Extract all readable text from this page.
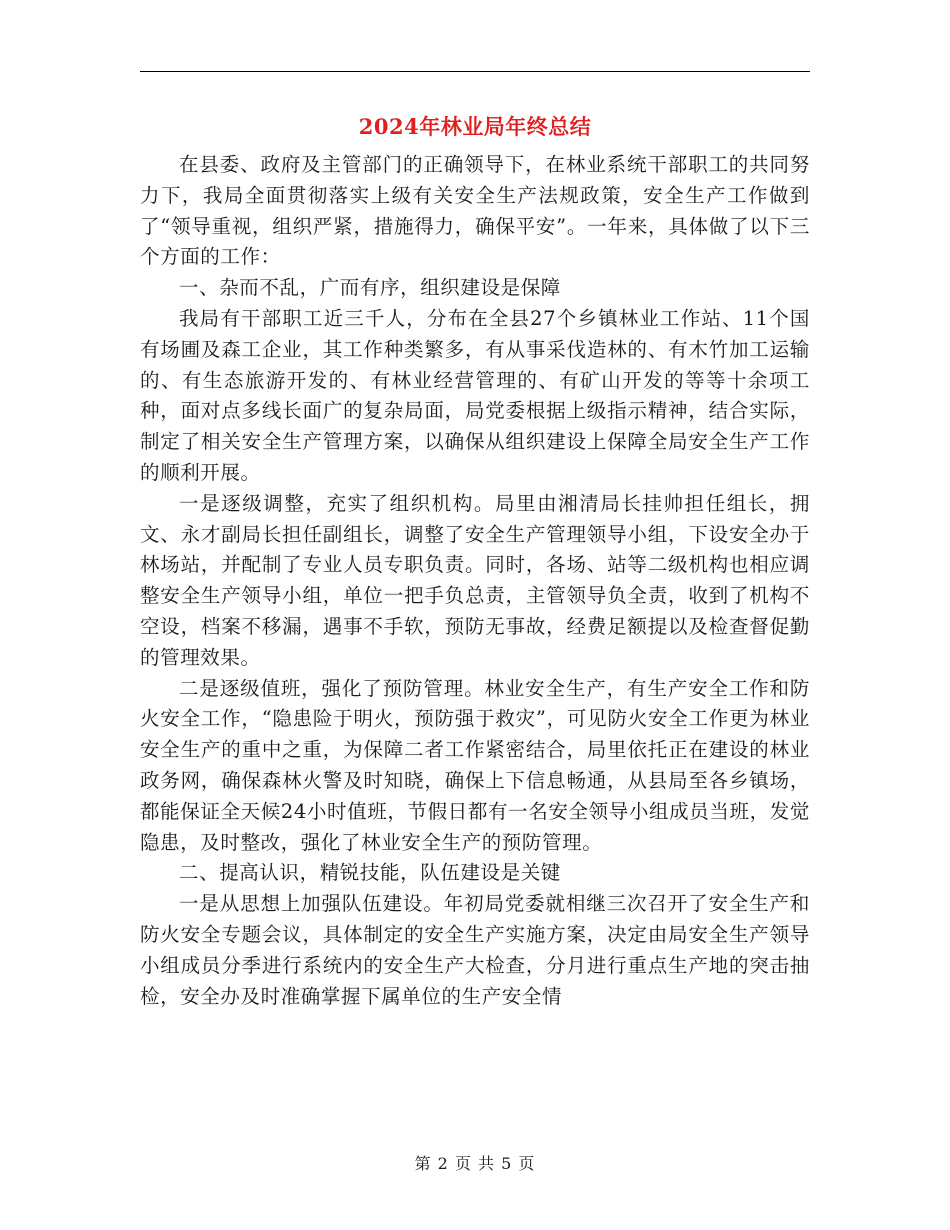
2024年林业局年终总结

在县委、政府及主管部门的正确领导下，在林业系统干部职工的共同努力下，我局全面贯彻落实上级有关安全生产法规政策，安全生产工作做到了“领导重视，组织严紧，措施得力，确保平安”。一年来，具体做了以下三个方面的工作：

一、杂而不乱，广而有序，组织建设是保障

我局有干部职工近三千人，分布在全县27个乡镇林业工作站、11个国有场圃及森工企业，其工作种类繁多，有从事采伐造林的、有木竹加工运输的、有生态旅游开发的、有林业经营管理的、有矿山开发的等等十余项工种，面对点多线长面广的复杂局面，局党委根据上级指示精神，结合实际，制定了相关安全生产管理方案，以确保从组织建设上保障全局安全生产工作的顺利开展。

一是逐级调整，充实了组织机构。局里由湘清局长挂帅担任组长，拥文、永才副局长担任副组长，调整了安全生产管理领导小组，下设安全办于林场站，并配制了专业人员专职负责。同时，各场、站等二级机构也相应调整安全生产领导小组，单位一把手负总责，主管领导负全责，收到了机构不空设，档案不移漏，遇事不手软，预防无事故，经费足额提以及检查督促勤的管理效果。

二是逐级值班，强化了预防管理。林业安全生产，有生产安全工作和防火安全工作，“隐患险于明火，预防强于救灾”，可见防火安全工作更为林业安全生产的重中之重，为保障二者工作紧密结合，局里依托正在建设的林业政务网，确保森林火警及时知晓，确保上下信息畅通，从县局至各乡镇场，都能保证全天候24小时值班，节假日都有一名安全领导小组成员当班，发觉隐患，及时整改，强化了林业安全生产的预防管理。

二、提高认识，精锐技能，队伍建设是关键

一是从思想上加强队伍建设。年初局党委就相继三次召开了安全生产和防火安全专题会议，具体制定的安全生产实施方案，决定由局安全生产领导小组成员分季进行系统内的安全生产大检查，分月进行重点生产地的突击抽检，安全办及时准确掌握下属单位的生产安全情

第 2 页 共 5 页
